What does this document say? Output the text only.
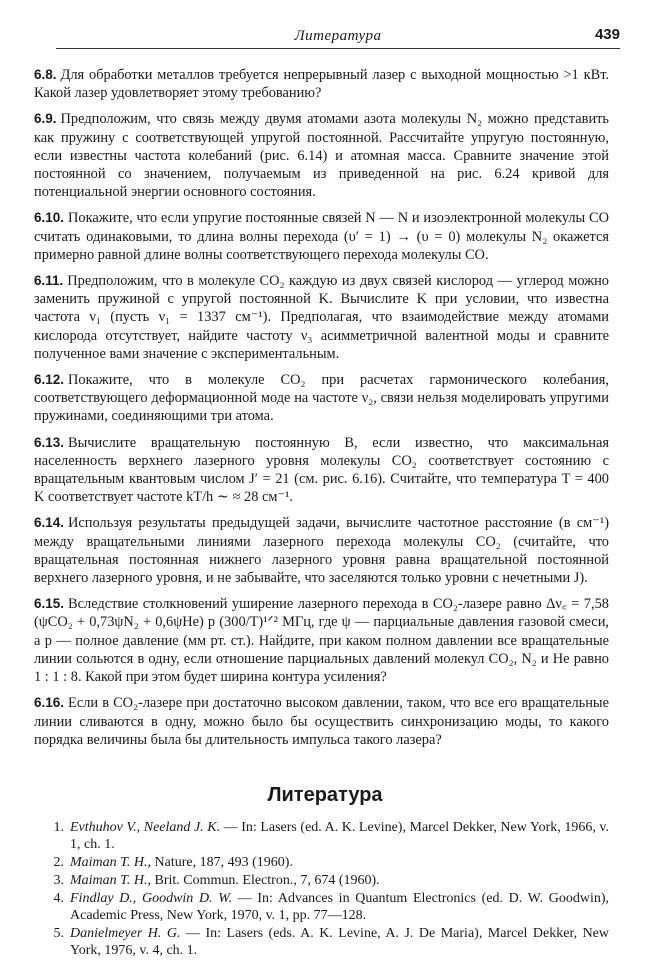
Литература	439

6.8. Для обработки металлов требуется непрерывный лазер с выходной мощностью >1 кВт. Какой лазер удовлетворяет этому требованию?

6.9. Предположим, что связь между двумя атомами азота молекулы N₂ можно представить как пружину с соответствующей упругой постоянной. Рассчитайте упругую постоянную, если известны частота колебаний (рис. 6.14) и атомная масса. Сравните значение этой постоянной со значением, получаемым из приведенной на рис. 6.24 кривой для потенциальной энергии основного состояния.

6.10. Покажите, что если упругие постоянные связей N — N и изоэлектронной молекулы CO считать одинаковыми, то длина волны перехода (υ′ = 1) → (υ = 0) молекулы N₂ окажется примерно равной длине волны соответствующего перехода молекулы CO.

6.11. Предположим, что в молекуле CO₂ каждую из двух связей кислород — углерод можно заменить пружиной с упругой постоянной K. Вычислите K при условии, что известна частота ν₁ (пусть ν₁ = 1337 см⁻¹). Предполагая, что взаимодействие между атомами кислорода отсутствует, найдите частоту ν₃ асимметричной валентной моды и сравните полученное вами значение с экспериментальным.

6.12. Покажите, что в молекуле CO₂ при расчетах гармонического колебания, соответствующего деформационной моде на частоте ν₂, связи нельзя моделировать упругими пружинами, соединяющими три атома.

6.13. Вычислите вращательную постоянную B, если известно, что максимальная населенность верхнего лазерного уровня молекулы CO₂ соответствует состоянию с вращательным квантовым числом J′ = 21 (см. рис. 6.16). Считайте, что температура T = 400 K соответствует частоте kT/h ∼ ≈ 28 см⁻¹.

6.14. Используя результаты предыдущей задачи, вычислите частотное расстояние (в см⁻¹) между вращательными линиями лазерного перехода молекулы CO₂ (считайте, что вращательная постоянная нижнего лазерного уровня равна вращательной постоянной верхнего лазерного уровня, и не забывайте, что заселяются только уровни с нечетными J).

6.15. Вследствие столкновений уширение лазерного перехода в CO₂-лазере равно Δν꜀ = 7,58 (ψCO₂ + 0,73ψN₂ + 0,6ψHe) p (300/T)¹ᐟ² МГц, где ψ — парциальные давления газовой смеси, а p — полное давление (мм рт. ст.). Найдите, при каком полном давлении все вращательные линии сольются в одну, если отношение парциальных давлений молекул CO₂, N₂ и He равно 1 : 1 : 8. Какой при этом будет ширина контура усиления?

6.16. Если в CO₂-лазере при достаточно высоком давлении, таком, что все его вращательные линии сливаются в одну, можно было бы осуществить синхронизацию моды, то какого порядка величины была бы длительность импульса такого лазера?

Литература
1. Evthuhov V., Neeland J. K. — In: Lasers (ed. A. K. Levine), Marcel Dekker, New York, 1966, v. 1, ch. 1.
2. Maiman T. H., Nature, 187, 493 (1960).
3. Maiman T. H., Brit. Commun. Electron., 7, 674 (1960).
4. Findlay D., Goodwin D. W. — In: Advances in Quantum Electronics (ed. D. W. Goodwin), Academic Press, New York, 1970, v. 1, pp. 77—128.
5. Danielmeyer H. G. — In: Lasers (eds. A. K. Levine, A. J. De Maria), Marcel Dekker, New York, 1976, v. 4, ch. 1.
